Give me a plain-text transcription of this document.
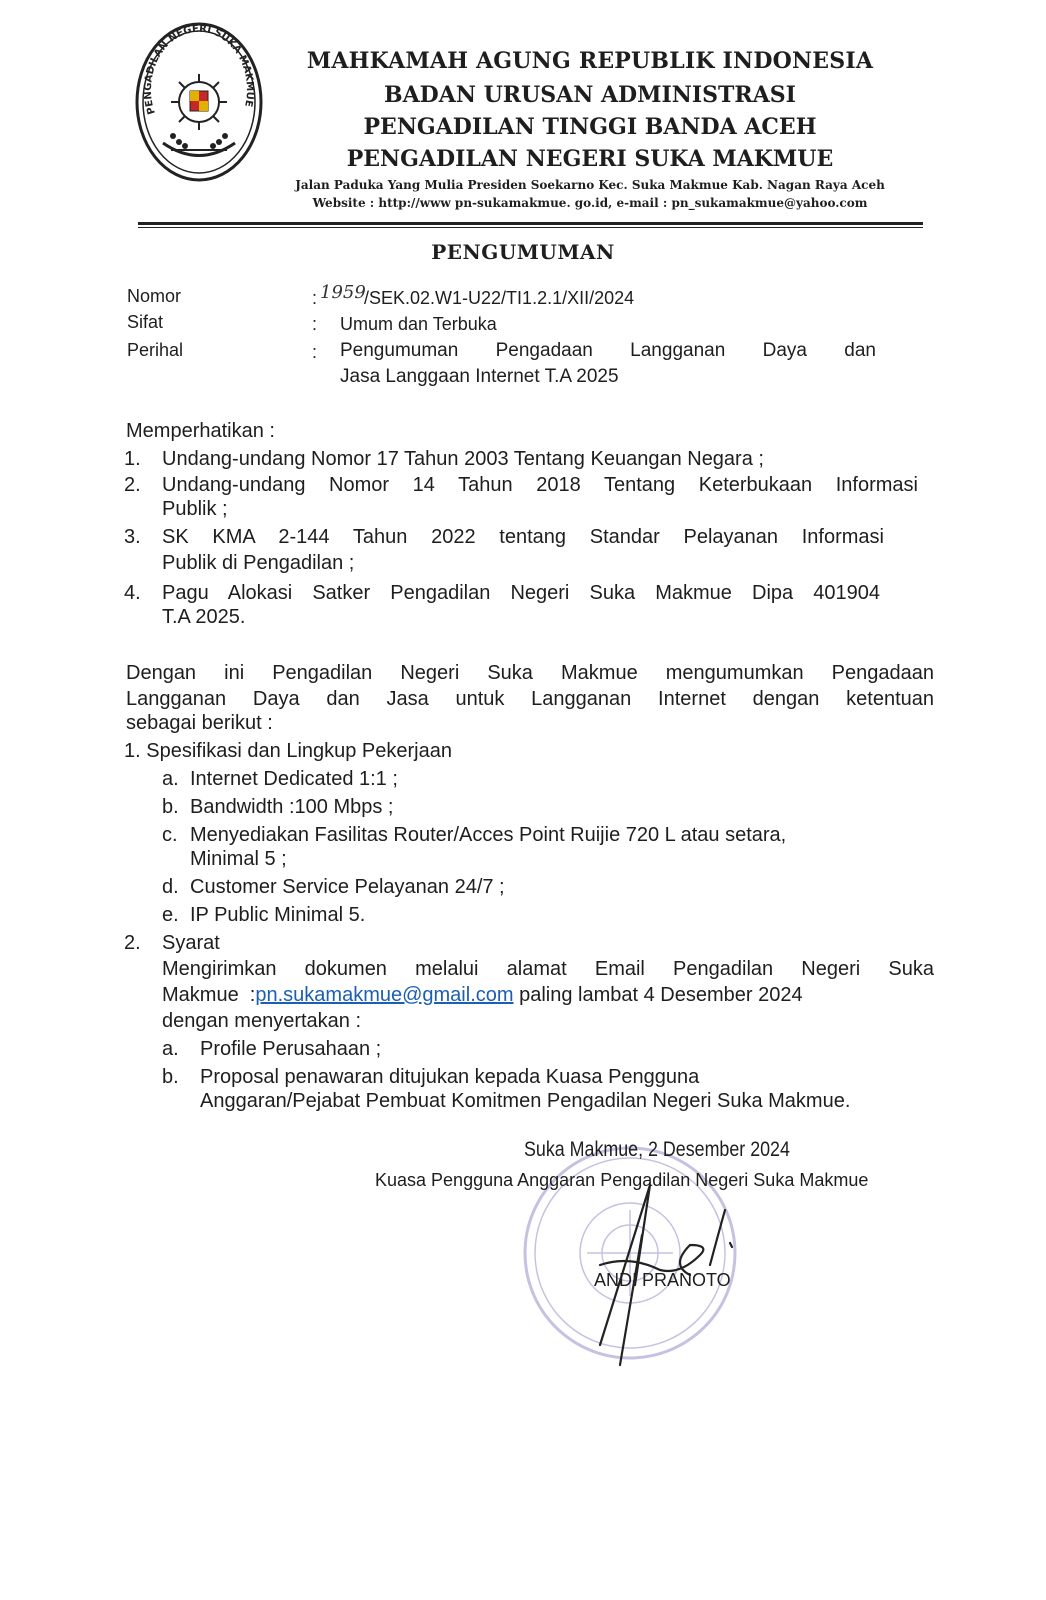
PENGADILAN NEGERI SUKA MAKMUE
MAHKAMAH AGUNG REPUBLIK INDONESIA
BADAN URUSAN ADMINISTRASI
PENGADILAN TINGGI BANDA ACEH
PENGADILAN NEGERI SUKA MAKMUE
Jalan Paduka Yang Mulia Presiden Soekarno Kec. Suka Makmue Kab. Nagan Raya Aceh
Website : http://www pn-sukamakmue. go.id, e-mail : pn_sukamakmue@yahoo.com
PENGUMUMAN
Nomor	: 1959
/SEK.02.W1-U22/TI1.2.1/XII/2024
Sifat	: Umum dan Terbuka
Perihal	: Pengumuman Pengadaan Langganan Daya dan
Jasa Langgaan Internet T.A 2025
Memperhatikan :
1. Undang-undang Nomor 17 Tahun 2003 Tentang Keuangan Negara ;
2. Undang-undang Nomor 14 Tahun 2018 Tentang Keterbukaan Informasi
Publik ;
3. SK KMA 2-144 Tahun 2022 tentang Standar Pelayanan Informasi
Publik di Pengadilan ;
4. Pagu Alokasi Satker Pengadilan Negeri Suka Makmue Dipa 401904
T.A 2025.
Dengan ini Pengadilan Negeri Suka Makmue mengumumkan Pengadaan
Langganan Daya dan Jasa untuk Langganan Internet dengan ketentuan
sebagai berikut :
1. Spesifikasi dan Lingkup Pekerjaan
a. Internet Dedicated 1:1 ;
b. Bandwidth :100 Mbps ;
c. Menyediakan Fasilitas Router/Acces Point Ruijie 720 L atau setara,
Minimal 5 ;
d. Customer Service Pelayanan 24/7 ;
e. IP Public Minimal 5.
2. Syarat
Mengirimkan dokumen melalui alamat Email Pengadilan Negeri Suka
Makmue  :pn.sukamakmue@gmail.com paling lambat 4 Desember 2024
dengan menyertakan :
a. Profile Perusahaan ;
b. Proposal penawaran ditujukan kepada Kuasa Pengguna
Anggaran/Pejabat Pembuat Komitmen Pengadilan Negeri Suka Makmue.
Suka Makmue, 2 Desember 2024
Kuasa Pengguna Anggaran Pengadilan Negeri Suka Makmue
ANDI PRANOTO
